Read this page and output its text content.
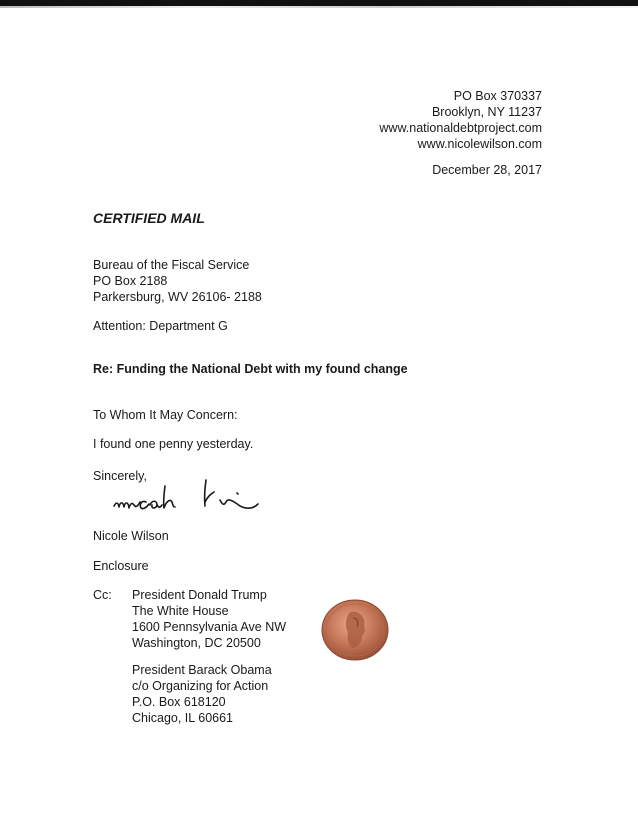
PO Box 370337
Brooklyn, NY 11237
www.nationaldebtproject.com
www.nicolewilson.com
December 28, 2017
CERTIFIED MAIL
Bureau of the Fiscal Service
PO Box 2188
Parkersburg, WV 26106- 2188
Attention: Department G
Re: Funding the National Debt with my found change
To Whom It May Concern:
I found one penny yesterday.
Sincerely,
Nicole Wilson
Enclosure
Cc: President Donald Trump
The White House
1600 Pennsylvania Ave NW
Washington, DC 20500
President Barack Obama
c/o Organizing for Action
P.O. Box 618120
Chicago, IL 60661
